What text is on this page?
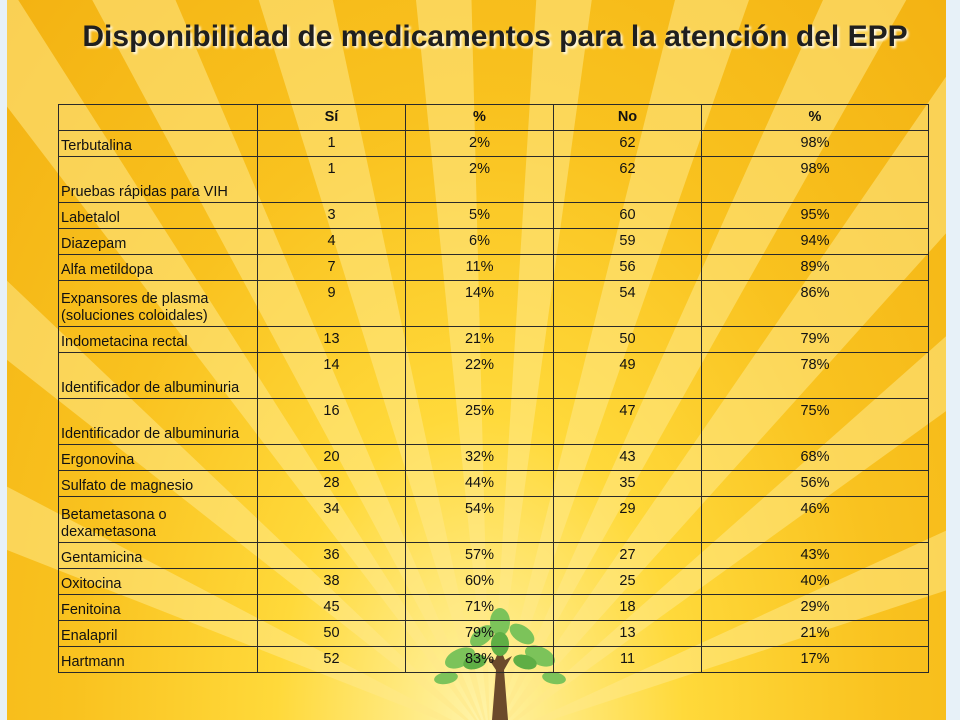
Disponibilidad de medicamentos para la atención del EPP
	Sí	%	No	%
Terbutalina	1	2%	62	98%
Pruebas rápidas para VIH	1	2%	62	98%
Labetalol	3	5%	60	95%
Diazepam	4	6%	59	94%
Alfa metildopa	7	11%	56	89%
Expansores de plasma (soluciones coloidales)	9	14%	54	86%
Indometacina rectal	13	21%	50	79%
Identificador de albuminuria	14	22%	49	78%
Identificador de albuminuria	16	25%	47	75%
Ergonovina	20	32%	43	68%
Sulfato de magnesio	28	44%	35	56%
Betametasona o dexametasona	34	54%	29	46%
Gentamicina	36	57%	27	43%
Oxitocina	38	60%	25	40%
Fenitoina	45	71%	18	29%
Enalapril	50	79%	13	21%
Hartmann	52	83%	11	17%
